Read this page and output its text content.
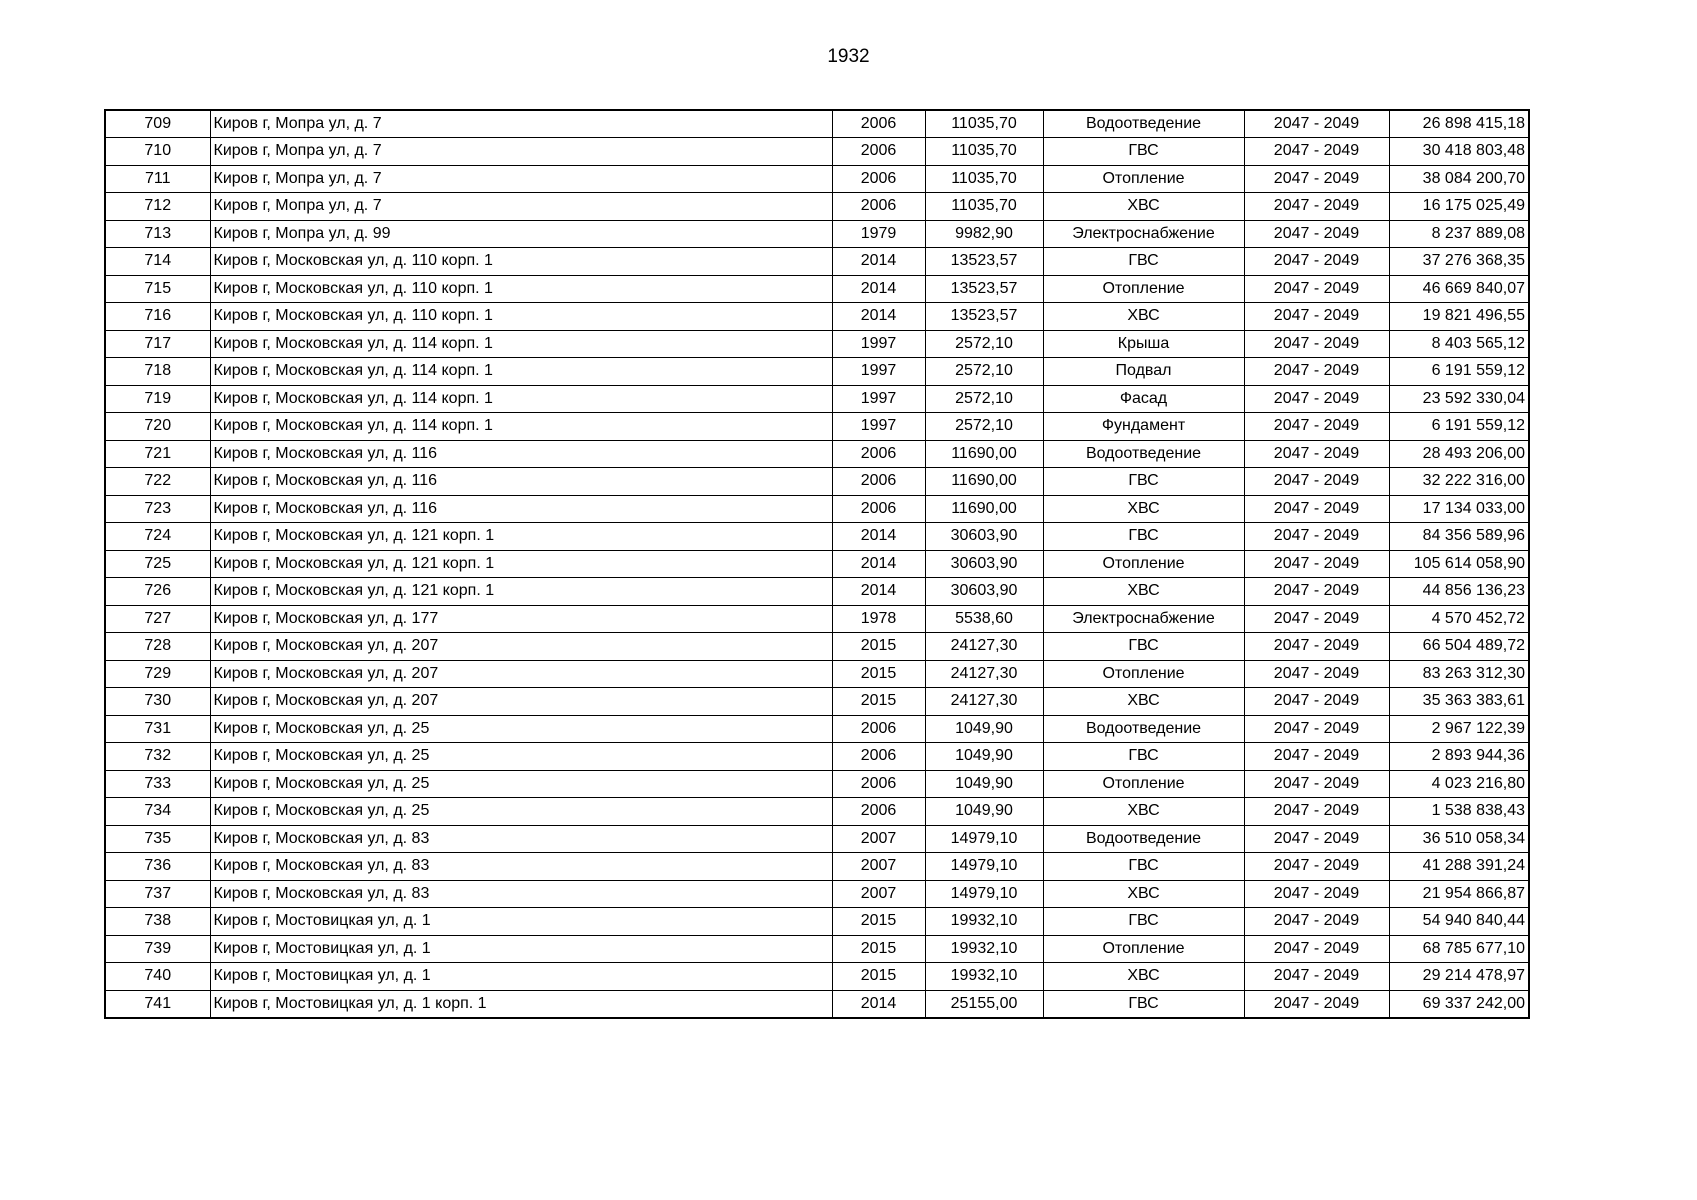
1932
709	Киров г, Мопра ул, д. 7	2006	11035,70	Водоотведение	2047 - 2049	26 898 415,18
710	Киров г, Мопра ул, д. 7	2006	11035,70	ГВС	2047 - 2049	30 418 803,48
711	Киров г, Мопра ул, д. 7	2006	11035,70	Отопление	2047 - 2049	38 084 200,70
712	Киров г, Мопра ул, д. 7	2006	11035,70	ХВС	2047 - 2049	16 175 025,49
713	Киров г, Мопра ул, д. 99	1979	9982,90	Электроснабжение	2047 - 2049	8 237 889,08
714	Киров г, Московская ул, д. 110 корп. 1	2014	13523,57	ГВС	2047 - 2049	37 276 368,35
715	Киров г, Московская ул, д. 110 корп. 1	2014	13523,57	Отопление	2047 - 2049	46 669 840,07
716	Киров г, Московская ул, д. 110 корп. 1	2014	13523,57	ХВС	2047 - 2049	19 821 496,55
717	Киров г, Московская ул, д. 114 корп. 1	1997	2572,10	Крыша	2047 - 2049	8 403 565,12
718	Киров г, Московская ул, д. 114 корп. 1	1997	2572,10	Подвал	2047 - 2049	6 191 559,12
719	Киров г, Московская ул, д. 114 корп. 1	1997	2572,10	Фасад	2047 - 2049	23 592 330,04
720	Киров г, Московская ул, д. 114 корп. 1	1997	2572,10	Фундамент	2047 - 2049	6 191 559,12
721	Киров г, Московская ул, д. 116	2006	11690,00	Водоотведение	2047 - 2049	28 493 206,00
722	Киров г, Московская ул, д. 116	2006	11690,00	ГВС	2047 - 2049	32 222 316,00
723	Киров г, Московская ул, д. 116	2006	11690,00	ХВС	2047 - 2049	17 134 033,00
724	Киров г, Московская ул, д. 121 корп. 1	2014	30603,90	ГВС	2047 - 2049	84 356 589,96
725	Киров г, Московская ул, д. 121 корп. 1	2014	30603,90	Отопление	2047 - 2049	105 614 058,90
726	Киров г, Московская ул, д. 121 корп. 1	2014	30603,90	ХВС	2047 - 2049	44 856 136,23
727	Киров г, Московская ул, д. 177	1978	5538,60	Электроснабжение	2047 - 2049	4 570 452,72
728	Киров г, Московская ул, д. 207	2015	24127,30	ГВС	2047 - 2049	66 504 489,72
729	Киров г, Московская ул, д. 207	2015	24127,30	Отопление	2047 - 2049	83 263 312,30
730	Киров г, Московская ул, д. 207	2015	24127,30	ХВС	2047 - 2049	35 363 383,61
731	Киров г, Московская ул, д. 25	2006	1049,90	Водоотведение	2047 - 2049	2 967 122,39
732	Киров г, Московская ул, д. 25	2006	1049,90	ГВС	2047 - 2049	2 893 944,36
733	Киров г, Московская ул, д. 25	2006	1049,90	Отопление	2047 - 2049	4 023 216,80
734	Киров г, Московская ул, д. 25	2006	1049,90	ХВС	2047 - 2049	1 538 838,43
735	Киров г, Московская ул, д. 83	2007	14979,10	Водоотведение	2047 - 2049	36 510 058,34
736	Киров г, Московская ул, д. 83	2007	14979,10	ГВС	2047 - 2049	41 288 391,24
737	Киров г, Московская ул, д. 83	2007	14979,10	ХВС	2047 - 2049	21 954 866,87
738	Киров г, Мостовицкая ул, д. 1	2015	19932,10	ГВС	2047 - 2049	54 940 840,44
739	Киров г, Мостовицкая ул, д. 1	2015	19932,10	Отопление	2047 - 2049	68 785 677,10
740	Киров г, Мостовицкая ул, д. 1	2015	19932,10	ХВС	2047 - 2049	29 214 478,97
741	Киров г, Мостовицкая ул, д. 1 корп. 1	2014	25155,00	ГВС	2047 - 2049	69 337 242,00
